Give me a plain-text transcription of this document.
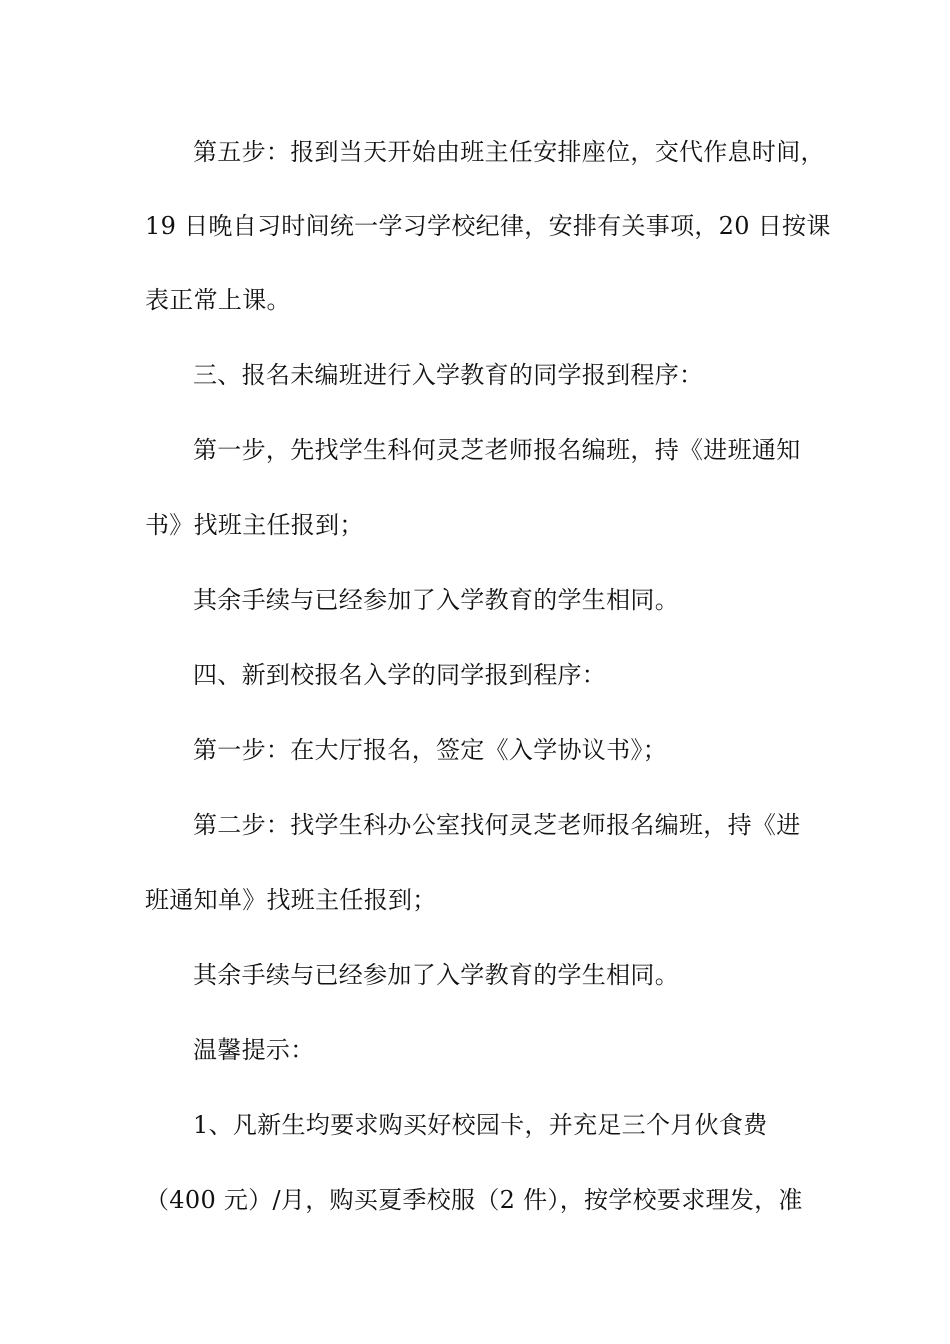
第五步：报到当天开始由班主任安排座位，交代作息时间，
19 日晚自习时间统一学习学校纪律，安排有关事项，20 日按课
表正常上课。
三、报名未编班进行入学教育的同学报到程序：
第一步，先找学生科何灵芝老师报名编班，持《进班通知
书》找班主任报到；
其余手续与已经参加了入学教育的学生相同。
四、新到校报名入学的同学报到程序：
第一步：在大厅报名，签定《入学协议书》；
第二步：找学生科办公室找何灵芝老师报名编班，持《进
班通知单》找班主任报到；
其余手续与已经参加了入学教育的学生相同。
温馨提示：
1、凡新生均要求购买好校园卡，并充足三个月伙食费
（400 元）/月，购买夏季校服（2 件），按学校要求理发，准
